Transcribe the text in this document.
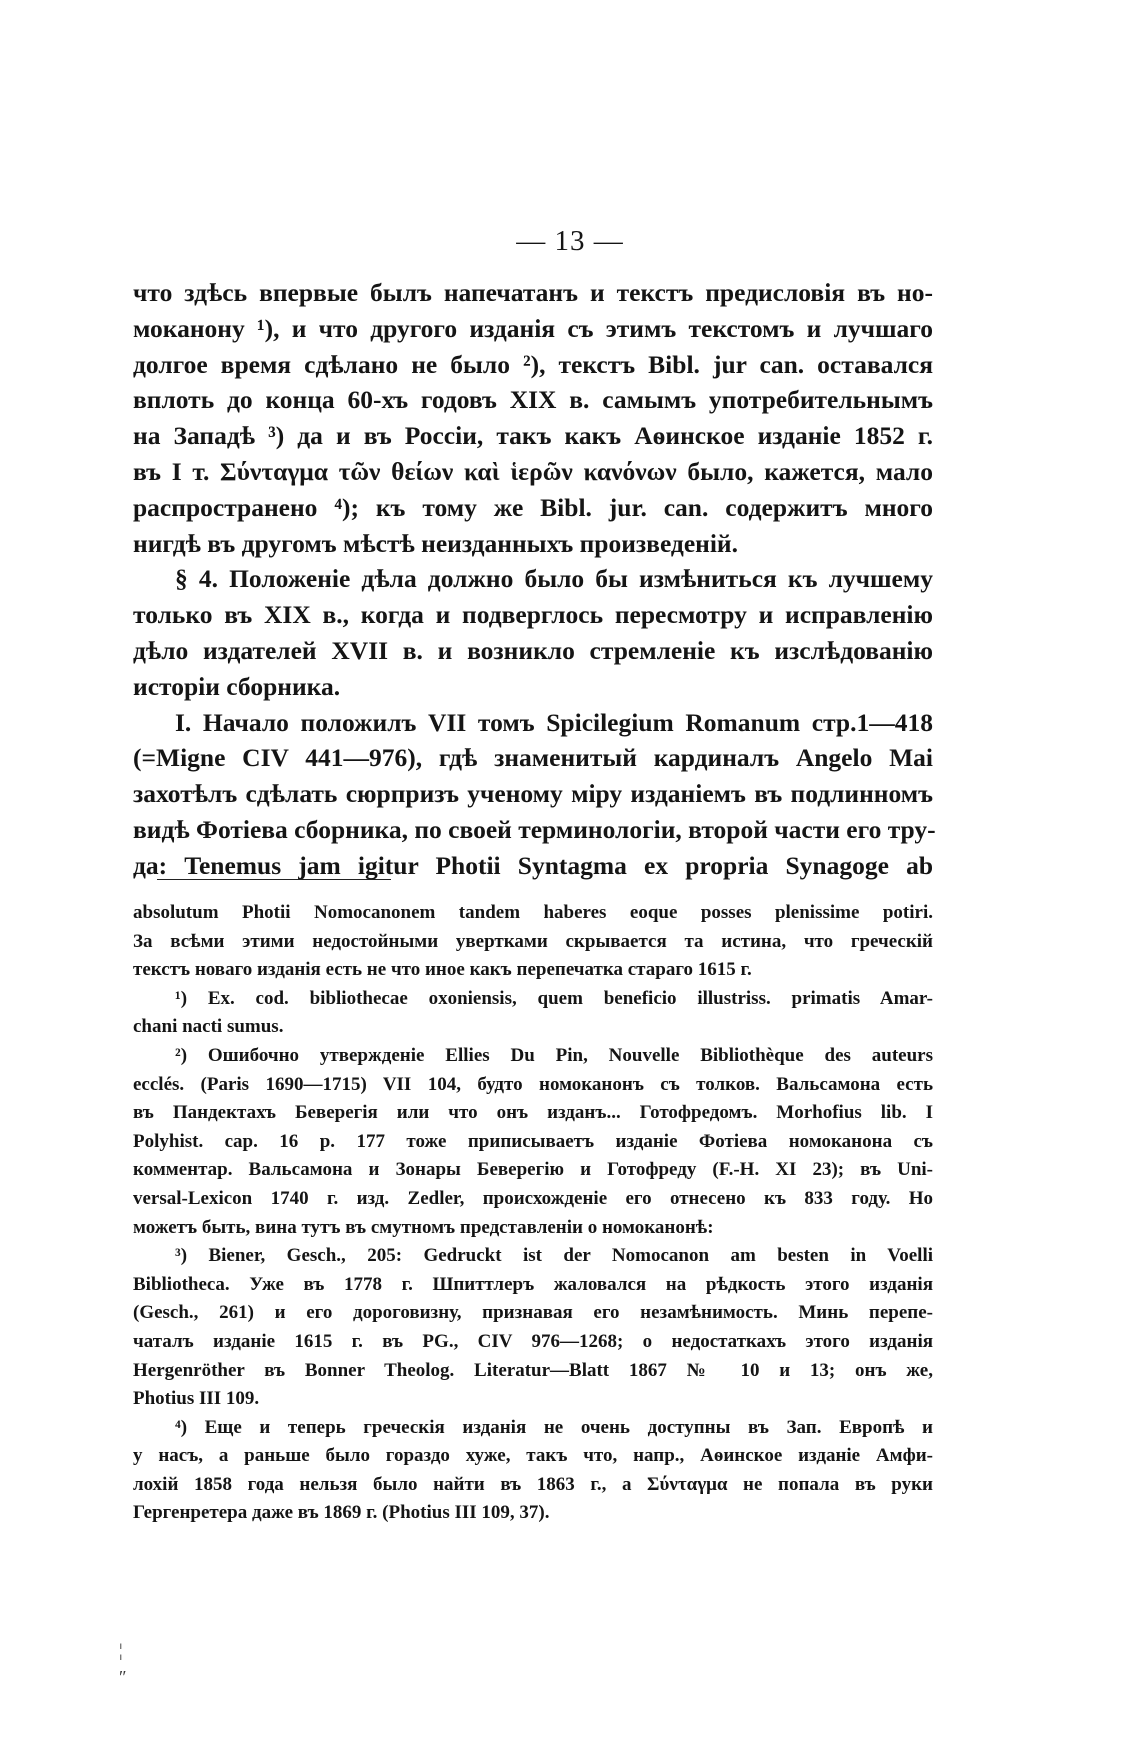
— 13 —
что здѣсь впервые былъ напечатанъ и текстъ предисловія въ но-
моканону ¹), и что другого изданія съ этимъ текстомъ и лучшаго
долгое время сдѣлано не было ²), текстъ Bibl. jur can. оставался
вплоть до конца 60-хъ годовъ XIX в. самымъ употребительнымъ
на Западѣ ³) да и въ Россіи, такъ какъ Аѳинское изданіе 1852 г.
въ I т. Σύνταγμα τῶν θείων καὶ ἱερῶν κανόνων было, кажется, мало
распространено ⁴); къ тому же Bibl. jur. can. содержитъ много
нигдѣ въ другомъ мѣстѣ неизданныхъ произведеній.
§ 4. Положеніе дѣла должно было бы измѣниться къ лучшему
только въ XIX в., когда и подверглось пересмотру и исправленію
дѣло издателей XVII в. и возникло стремленіе къ изслѣдованію
исторіи сборника.
I. Начало положилъ VII томъ Spicilegium Romanum стр.1—418
(=Migne CIV 441—976), гдѣ знаменитый кардиналъ Angelo Mai
захотѣлъ сдѣлать сюрпризъ ученому міру изданіемъ въ подлинномъ
видѣ Фотіева сборника, по своей терминологіи, второй части его тру-
да: Tenemus jam igitur Photii Syntagma ex propria Synagoge ab
absolutum Photii Nomocanonem tandem haberes eoque posses plenissime potiri.
За всѣми этими недостойными увертками скрывается та истина, что греческій
текстъ новаго изданія есть не что иное какъ перепечатка стараго 1615 г.
¹) Ex. cod. bibliothecae oxoniensis, quem beneficio illustriss. primatis Amar-
chani nacti sumus.
²) Ошибочно утвержденіе Ellies Du Pin, Nouvelle Bibliothèque des auteurs
ecclés. (Paris 1690—1715) VII 104, будто номоканонъ съ толков. Вальсамона есть
въ Пандектахъ Беверегія или что онъ изданъ... Готофредомъ. Morhofius lib. I
Polyhist. cap. 16 p. 177 тоже приписываетъ изданіе Фотіева номоканона съ
комментар. Вальсамона и Зонары Беверегію и Готофреду (F.-H. XI 23); въ Uni-
versal-Lexicon 1740 г. изд. Zedler, происхожденіе его отнесено къ 833 году. Но
можетъ быть, вина тутъ въ смутномъ представленіи о номоканонѣ:
³) Biener, Gesch., 205: Gedruckt ist der Nomocanon am besten in Voelli
Bibliotheca. Уже въ 1778 г. Шпиттлеръ жаловался на рѣдкость этого изданія
(Gesch., 261) и его дороговизну, признавая его незамѣнимость. Минь перепе-
чаталъ изданіе 1615 г. въ PG., CIV 976—1268; о недостаткахъ этого изданія
Hergenröther въ Bonner Theolog. Literatur—Blatt 1867 № 10 и 13; онъ же,
Photius III 109.
⁴) Еще и теперь греческія изданія не очень доступны въ Зап. Европѣ и
у насъ, а раньше было гораздо хуже, такъ что, напр., Аѳинское изданіе Амфи-
лохій 1858 года нельзя было найти въ 1863 г., а Σύνταγμα не попала въ руки
Гергенретера даже въ 1869 г. (Photius III 109, 37).
¦
″
